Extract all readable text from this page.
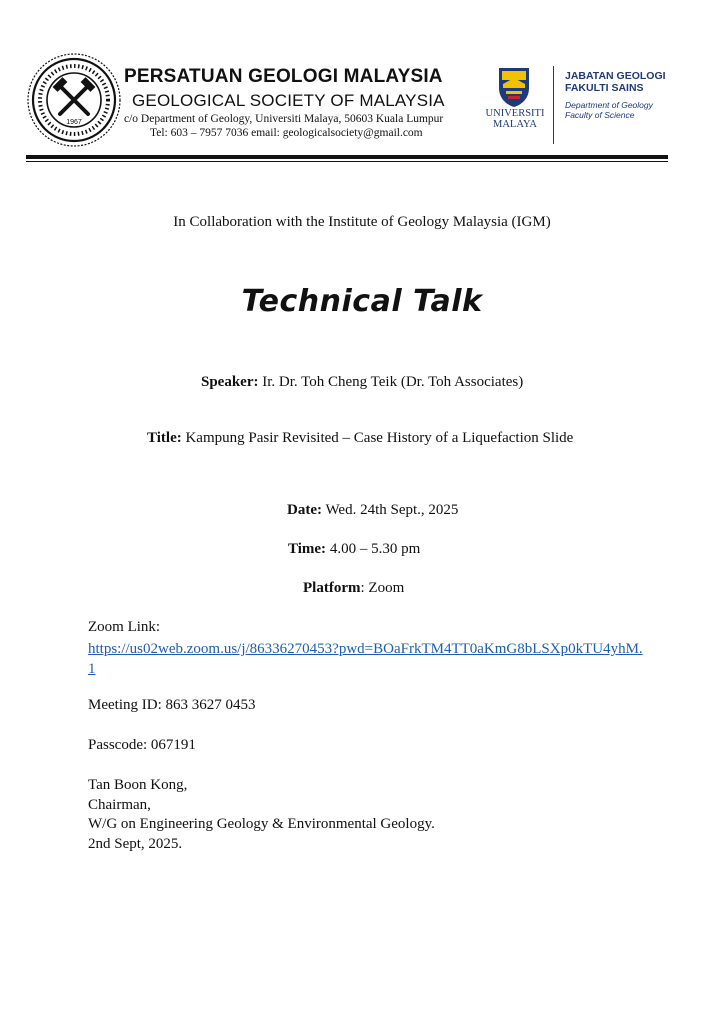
1967
PERSATUAN GEOLOGI MALAYSIA
GEOLOGICAL SOCIETY OF MALAYSIA
c/o Department of Geology, Universiti Malaya, 50603 Kuala Lumpur
Tel: 603 – 7957 7036 email: geologicalsociety@gmail.com
UNIVERSITI
MALAYA
JABATAN GEOLOGI
FAKULTI SAINS
Department of Geology
Faculty of Science
In Collaboration with the Institute of Geology Malaysia (IGM)
Technical Talk
Speaker: Ir. Dr. Toh Cheng Teik (Dr. Toh Associates)
Title: Kampung Pasir Revisited – Case History of a Liquefaction Slide
Date: Wed. 24th Sept., 2025
Time: 4.00 – 5.30 pm
Platform: Zoom
Zoom Link:
https://us02web.zoom.us/j/86336270453?pwd=BOaFrkTM4TT0aKmG8bLSXp0kTU4yhM.1
Meeting ID: 863 3627 0453
Passcode: 067191
Tan Boon Kong,
Chairman,
W/G on Engineering Geology & Environmental Geology.
2nd Sept, 2025.
